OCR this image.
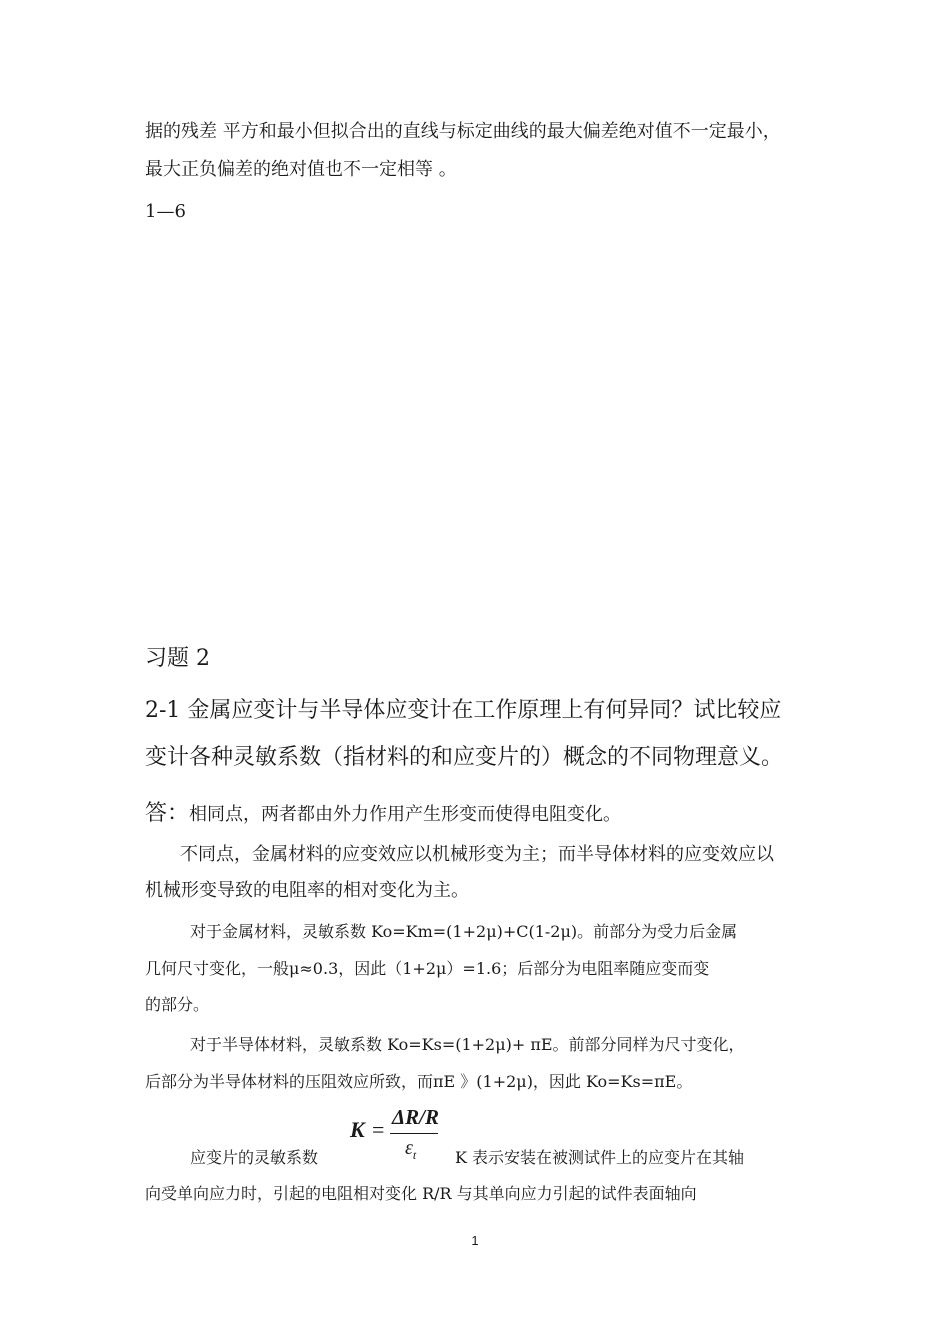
据的残差 平方和最小但拟合出的直线与标定曲线的最大偏差绝对值不一定最小，
最大正负偏差的绝对值也不一定相等 。
1—6
习题 2
2-1 金属应变计与半导体应变计在工作原理上有何异同？试比较应
变计各种灵敏系数（指材料的和应变片的）概念的不同物理意义。
答：相同点，两者都由外力作用产生形变而使得电阻变化。
不同点，金属材料的应变效应以机械形变为主；而半导体材料的应变效应以
机械形变导致的电阻率的相对变化为主。
对于金属材料，灵敏系数 Ko=Km=(1+2μ)+C(1-2μ)。前部分为受力后金属
几何尺寸变化，一般μ≈0.3，因此（1+2μ）=1.6；后部分为电阻率随应变而变
的部分。
对于半导体材料，灵敏系数 Ko=Ks=(1+2μ)+ πE。前部分同样为尺寸变化，
后部分为半导体材料的压阻效应所致，而πE 》(1+2μ)，因此 Ko=Ks=πE。
K = ΔR/R
$\varepsilon_t$
应变片的灵敏系数	K 表示安装在被测试件上的应变片在其轴
向受单向应力时，引起的电阻相对变化 R/R 与其单向应力引起的试件表面轴向
1
